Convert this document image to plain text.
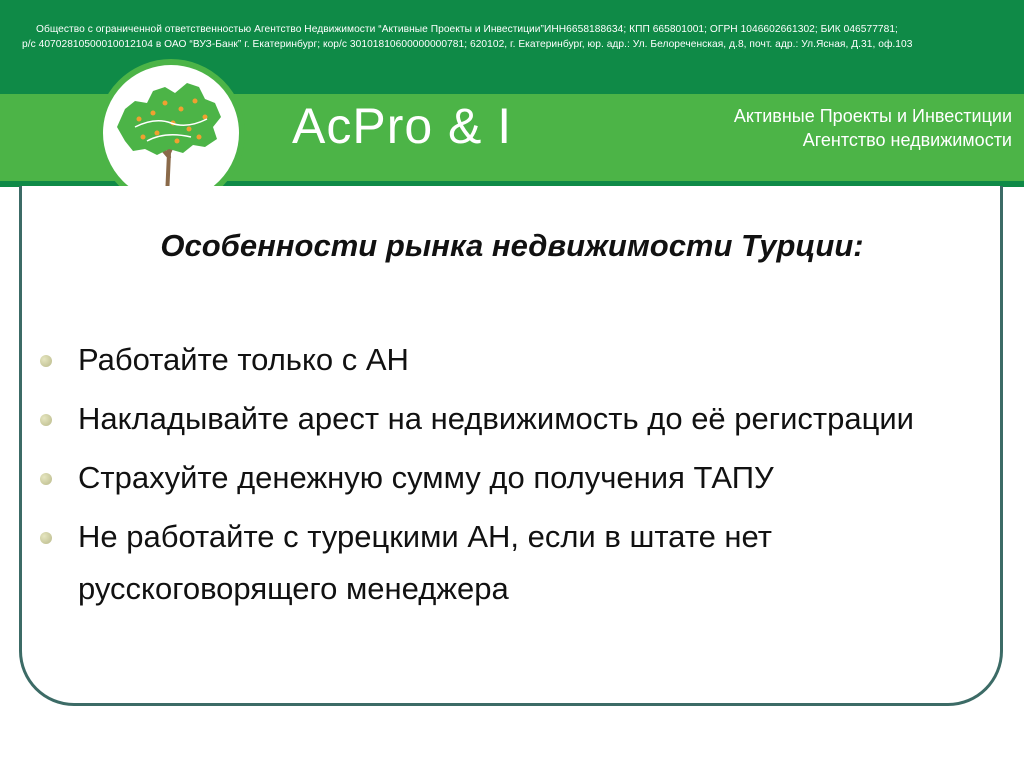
Общество с ограниченной ответственностью Агентство Недвижимости “Активные Проекты и Инвестиции”ИНН6658188634; КПП 665801001; ОГРН 1046602661302; БИК 046577781;
р/с 40702810500010012104 в ОАО “ВУЗ-Банк” г. Екатеринбург; кор/с 30101810600000000781; 620102, г. Екатеринбург, юр. адр.: Ул. Белореченская, д.8, почт. адр.: Ул.Ясная, Д.31, оф.103
AcPro & I	Активные Проекты и Инвестиции
Агентство недвижимости
Особенности рынка недвижимости Турции:
Работайте только с АН
Накладывайте арест на недвижимость до её регистрации
Страхуйте денежную сумму до получения ТАПУ
Не работайте с турецкими АН, если в штате нет русскоговорящего менеджера
